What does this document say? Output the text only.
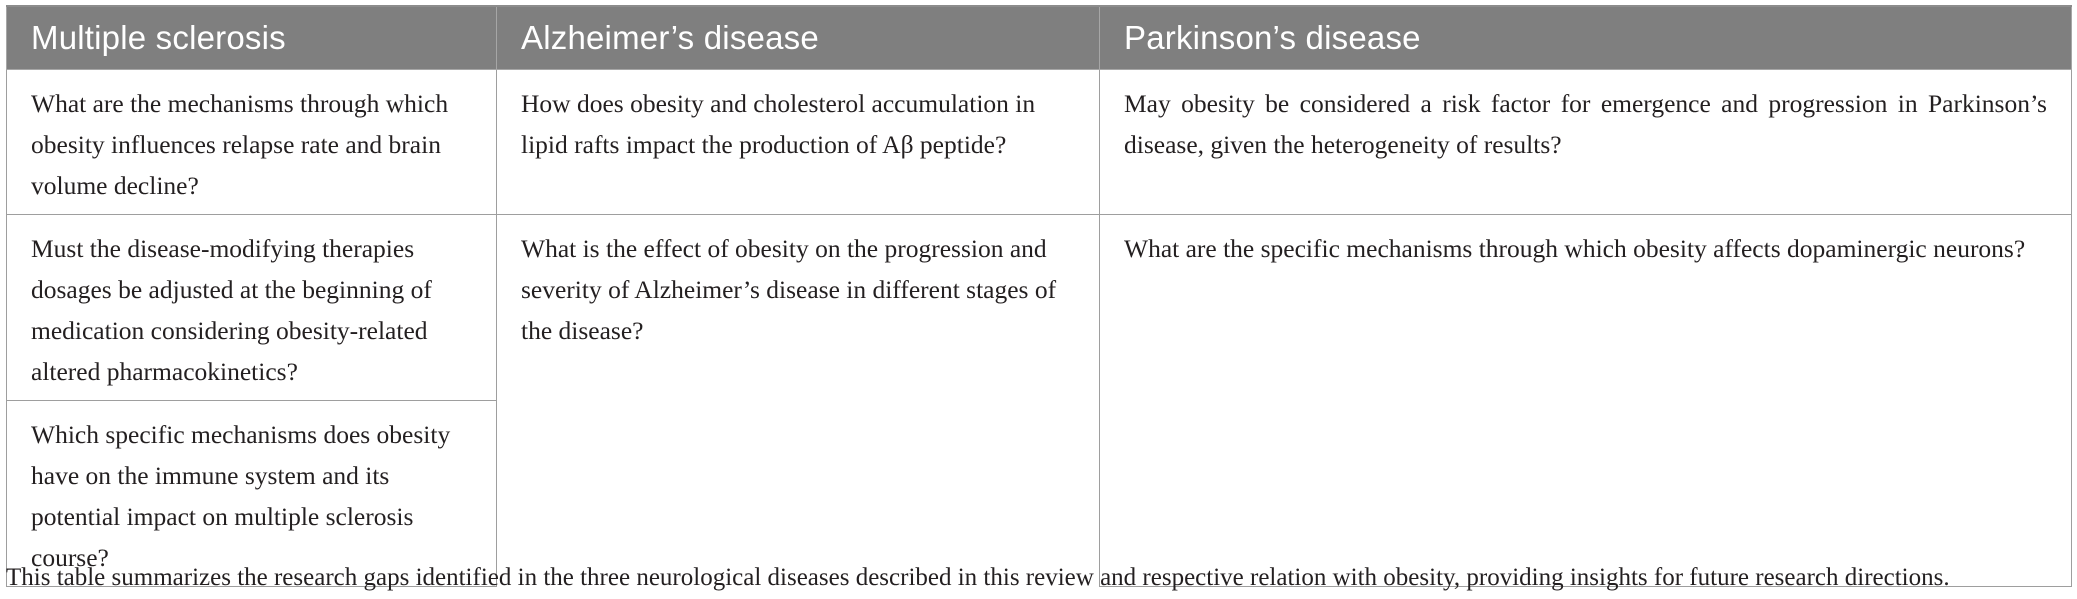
Multiple sclerosis	Alzheimer’s disease	Parkinson’s disease
What are the mechanisms through which obesity influences relapse rate and brain volume decline?	How does obesity and cholesterol accumulation in lipid rafts impact the production of Aβ peptide?	May obesity be considered a risk factor for emergence and progression in Parkinson’s disease, given the heterogeneity of results?
Must the disease-modifying therapies dosages be adjusted at the beginning of medication considering obesity-related altered pharmacokinetics?	What is the effect of obesity on the progression and severity of Alzheimer’s disease in different stages of the disease?	What are the specific mechanisms through which obesity affects dopaminergic neurons?
Which specific mechanisms does obesity have on the immune system and its potential impact on multiple sclerosis course?		
This table summarizes the research gaps identified in the three neurological diseases described in this review and respective relation with obesity, providing insights for future research directions.
